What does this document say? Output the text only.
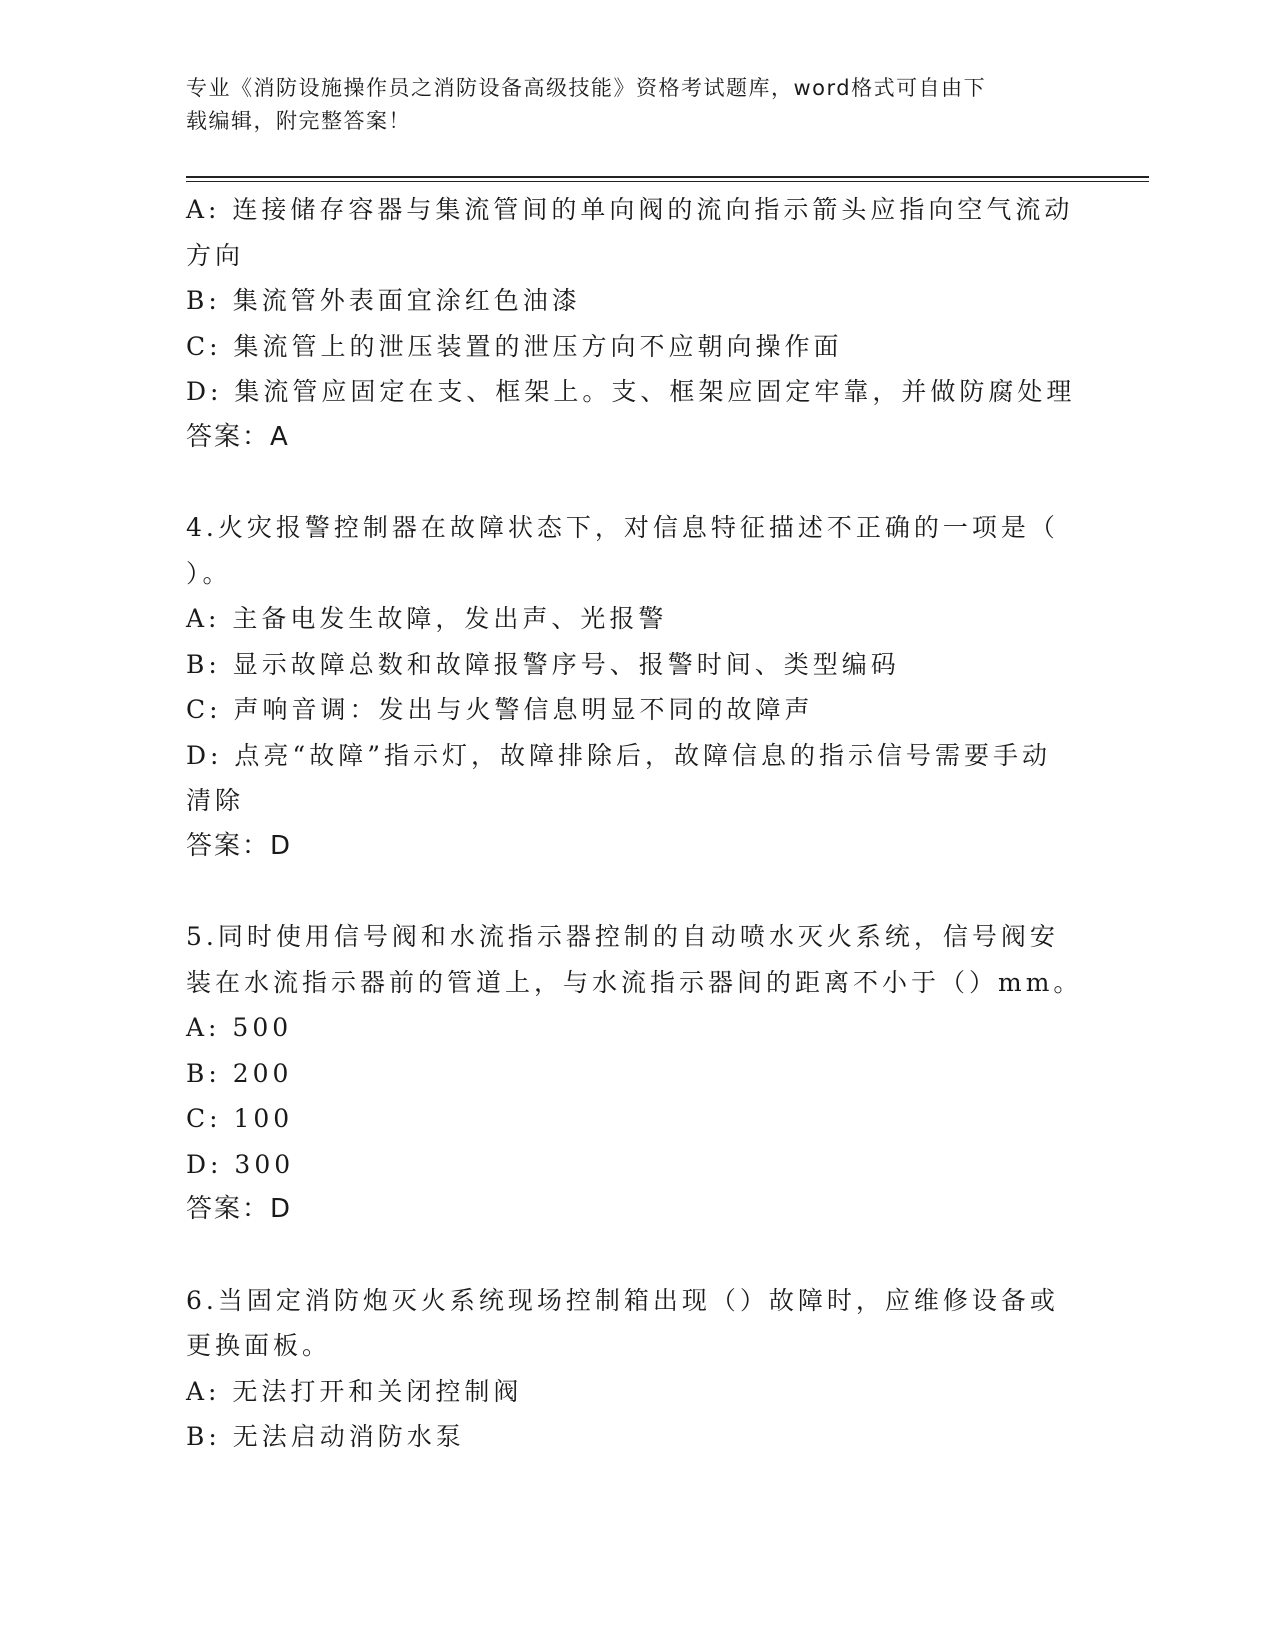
专业《消防设施操作员之消防设备高级技能》资格考试题库，word格式可自由下
载编辑，附完整答案！
A: 连接储存容器与集流管间的单向阀的流向指示箭头应指向空气流动
方向
B: 集流管外表面宜涂红色油漆
C: 集流管上的泄压装置的泄压方向不应朝向操作面
D: 集流管应固定在支、框架上。支、框架应固定牢靠，并做防腐处理
答案：A
4.火灾报警控制器在故障状态下，对信息特征描述不正确的一项是（
）。
A: 主备电发生故障，发出声、光报警
B: 显示故障总数和故障报警序号、报警时间、类型编码
C: 声响音调：发出与火警信息明显不同的故障声
D: 点亮“故障”指示灯，故障排除后，故障信息的指示信号需要手动
清除
答案：D
5.同时使用信号阀和水流指示器控制的自动喷水灭火系统，信号阀安
装在水流指示器前的管道上，与水流指示器间的距离不小于（）mm。
A: 500
B: 200
C: 100
D: 300
答案：D
6.当固定消防炮灭火系统现场控制箱出现（）故障时，应维修设备或
更换面板。
A: 无法打开和关闭控制阀
B: 无法启动消防水泵
